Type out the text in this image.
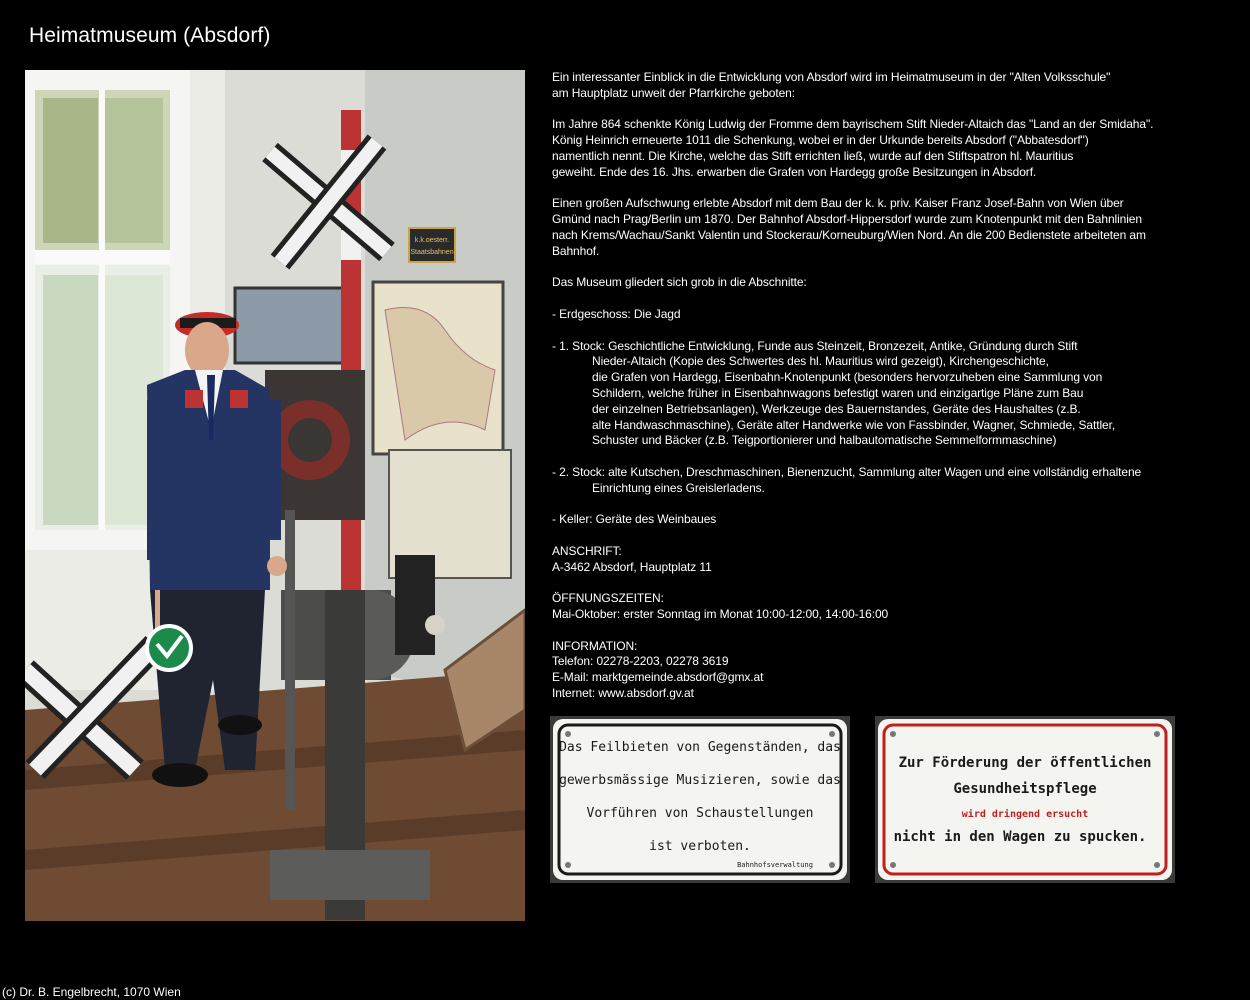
Heimatmuseum (Absdorf)
k.k.oesterr.
Staatsbahnen

Ein interessanter Einblick in die Entwicklung von Absdorf wird im Heimatmuseum in der "Alten Volksschule"
am Hauptplatz unweit der Pfarrkirche geboten:

Im Jahre 864 schenkte König Ludwig der Fromme dem bayrischem Stift Nieder-Altaich das "Land an der Smidaha".
König Heinrich erneuerte 1011 die Schenkung, wobei er in der Urkunde bereits Absdorf ("Abbatesdorf")
namentlich nennt. Die Kirche, welche das Stift errichten ließ, wurde auf den Stiftspatron hl. Mauritius
geweiht. Ende des 16. Jhs. erwarben die Grafen von Hardegg große Besitzungen in Absdorf.

Einen großen Aufschwung erlebte Absdorf mit dem Bau der k. k. priv. Kaiser Franz Josef-Bahn von Wien über
Gmünd nach Prag/Berlin um 1870. Der Bahnhof Absdorf-Hippersdorf wurde zum Knotenpunkt mit den Bahnlinien
nach Krems/Wachau/Sankt Valentin und Stockerau/Korneuburg/Wien Nord. An die 200 Bedienstete arbeiteten am
Bahnhof.

Das Museum gliedert sich grob in die Abschnitte:

- Erdgeschoss: Die Jagd

- 1. Stock: Geschichtliche Entwicklung, Funde aus Steinzeit, Bronzezeit, Antike, Gründung durch Stift
Nieder-Altaich (Kopie des Schwertes des hl. Mauritius wird gezeigt), Kirchengeschichte,
die Grafen von Hardegg, Eisenbahn-Knotenpunkt (besonders hervorzuheben eine Sammlung von
Schildern, welche früher in Eisenbahnwagons befestigt waren und einzigartige Pläne zum Bau
der einzelnen Betriebsanlagen), Werkzeuge des Bauernstandes, Geräte des Haushaltes (z.B.
alte Handwaschmaschine), Geräte alter Handwerke wie von Fassbinder, Wagner, Schmiede, Sattler,
Schuster und Bäcker (z.B. Teigportionierer und halbautomatische Semmelformmaschine)

- 2. Stock: alte Kutschen, Dreschmaschinen, Bienenzucht, Sammlung alter Wagen und eine vollständig erhaltene
Einrichtung eines Greislerladens.

- Keller: Geräte des Weinbaues

ANSCHRIFT:
A-3462 Absdorf, Hauptplatz 11

ÖFFNUNGSZEITEN:
Mai-Oktober: erster Sonntag im Monat 10:00-12:00, 14:00-16:00

INFORMATION:
Telefon: 02278-2203, 02278 3619
E-Mail: marktgemeinde.absdorf@gmx.at
Internet: www.absdorf.gv.at

Das Feilbieten von Gegenständen, das
gewerbsmässige Musizieren, sowie das
Vorführen von Schaustellungen
ist verboten.
Bahnhofsverwaltung
Zur Förderung der öffentlichen
Gesundheitspflege
wird dringend ersucht
nicht in den Wagen zu spucken.
(c) Dr. B. Engelbrecht, 1070 Wien
